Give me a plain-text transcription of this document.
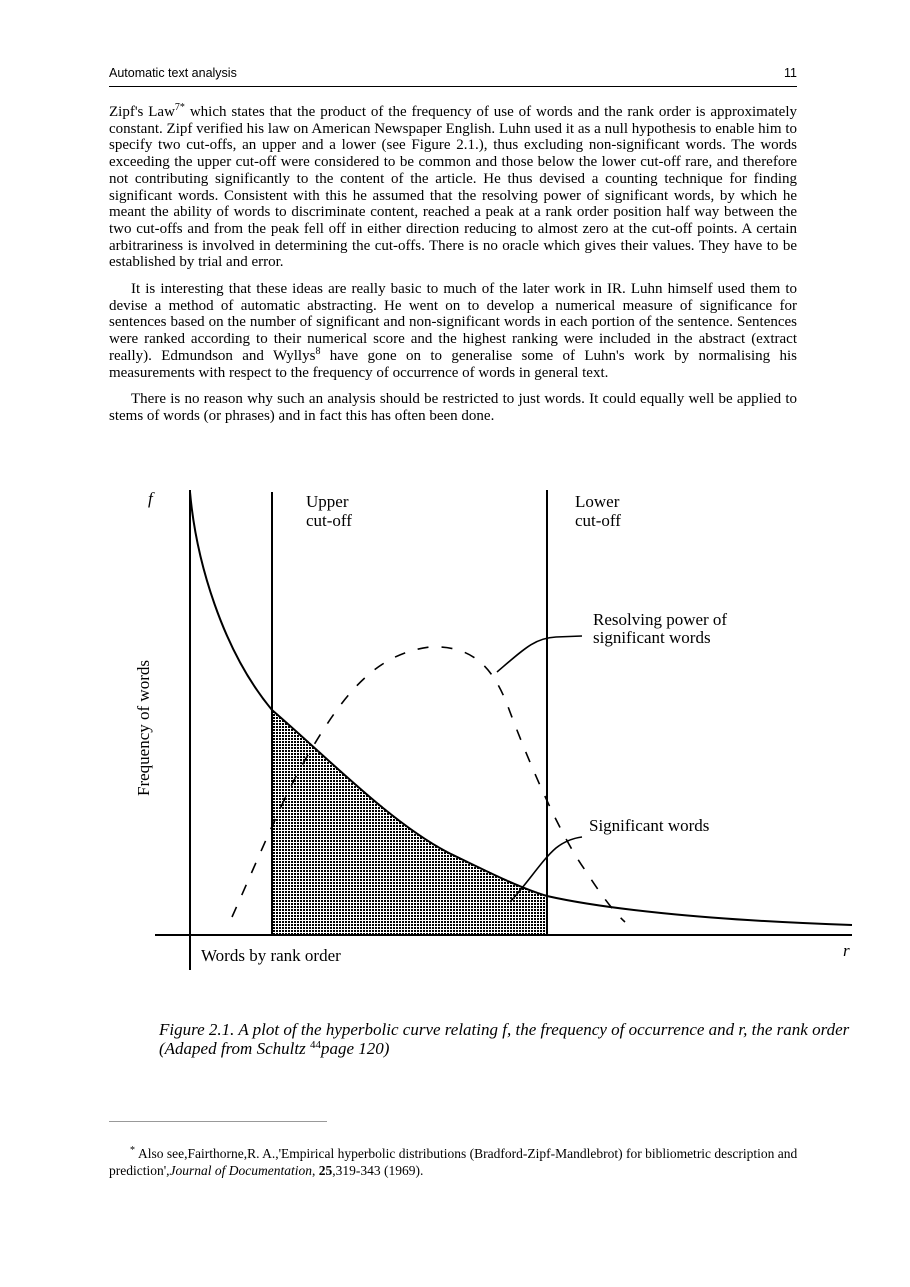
Automatic text analysis	11

Zipf's Law$^{7*}$ which states that the product of the frequency of use of words and the rank order is approximately constant. Zipf verified his law on American Newspaper English. Luhn used it as a null hypothesis to enable him to specify two cut-offs, an upper and a lower (see Figure 2.1.), thus excluding non-significant words. The words exceeding the upper cut-off were considered to be common and those below the lower cut-off rare, and therefore not contributing significantly to the content of the article. He thus devised a counting technique for finding significant words. Consistent with this he assumed that the resolving power of significant words, by which he meant the ability of words to discriminate content, reached a peak at a rank order position half way between the two cut-offs and from the peak fell off in either direction reducing to almost zero at the cut-off points. A certain arbitrariness is involved in determining the cut-offs. There is no oracle which gives their values. They have to be established by trial and error.

It is interesting that these ideas are really basic to much of the later work in IR. Luhn himself used them to devise a method of automatic abstracting. He went on to develop a numerical measure of significance for sentences based on the number of significant and non-significant words in each portion of the sentence. Sentences were ranked according to their numerical score and the highest ranking were included in the abstract (extract really). Edmundson and Wyllys$^8$ have gone on to generalise some of Luhn's work by normalising his measurements with respect to the frequency of occurrence of words in general text.

There is no reason why such an analysis should be restricted to just words. It could equally well be applied to stems of words (or phrases) and in fact this has often been done.

f
r
Frequency of words
Words by rank order
Upper
cut-off
Lower
cut-off
Resolving power of
significant words
Significant words
Figure 2.1. A plot of the hyperbolic curve relating f, the frequency of occurrence and r, the rank order (Adaped from Schultz $^{44}$page 120)
* Also see,Fairthorne,R. A.,'Empirical hyperbolic distributions (Bradford-Zipf-Mandlebrot) for bibliometric description and prediction',Journal of Documentation, 25,319-343 (1969).
